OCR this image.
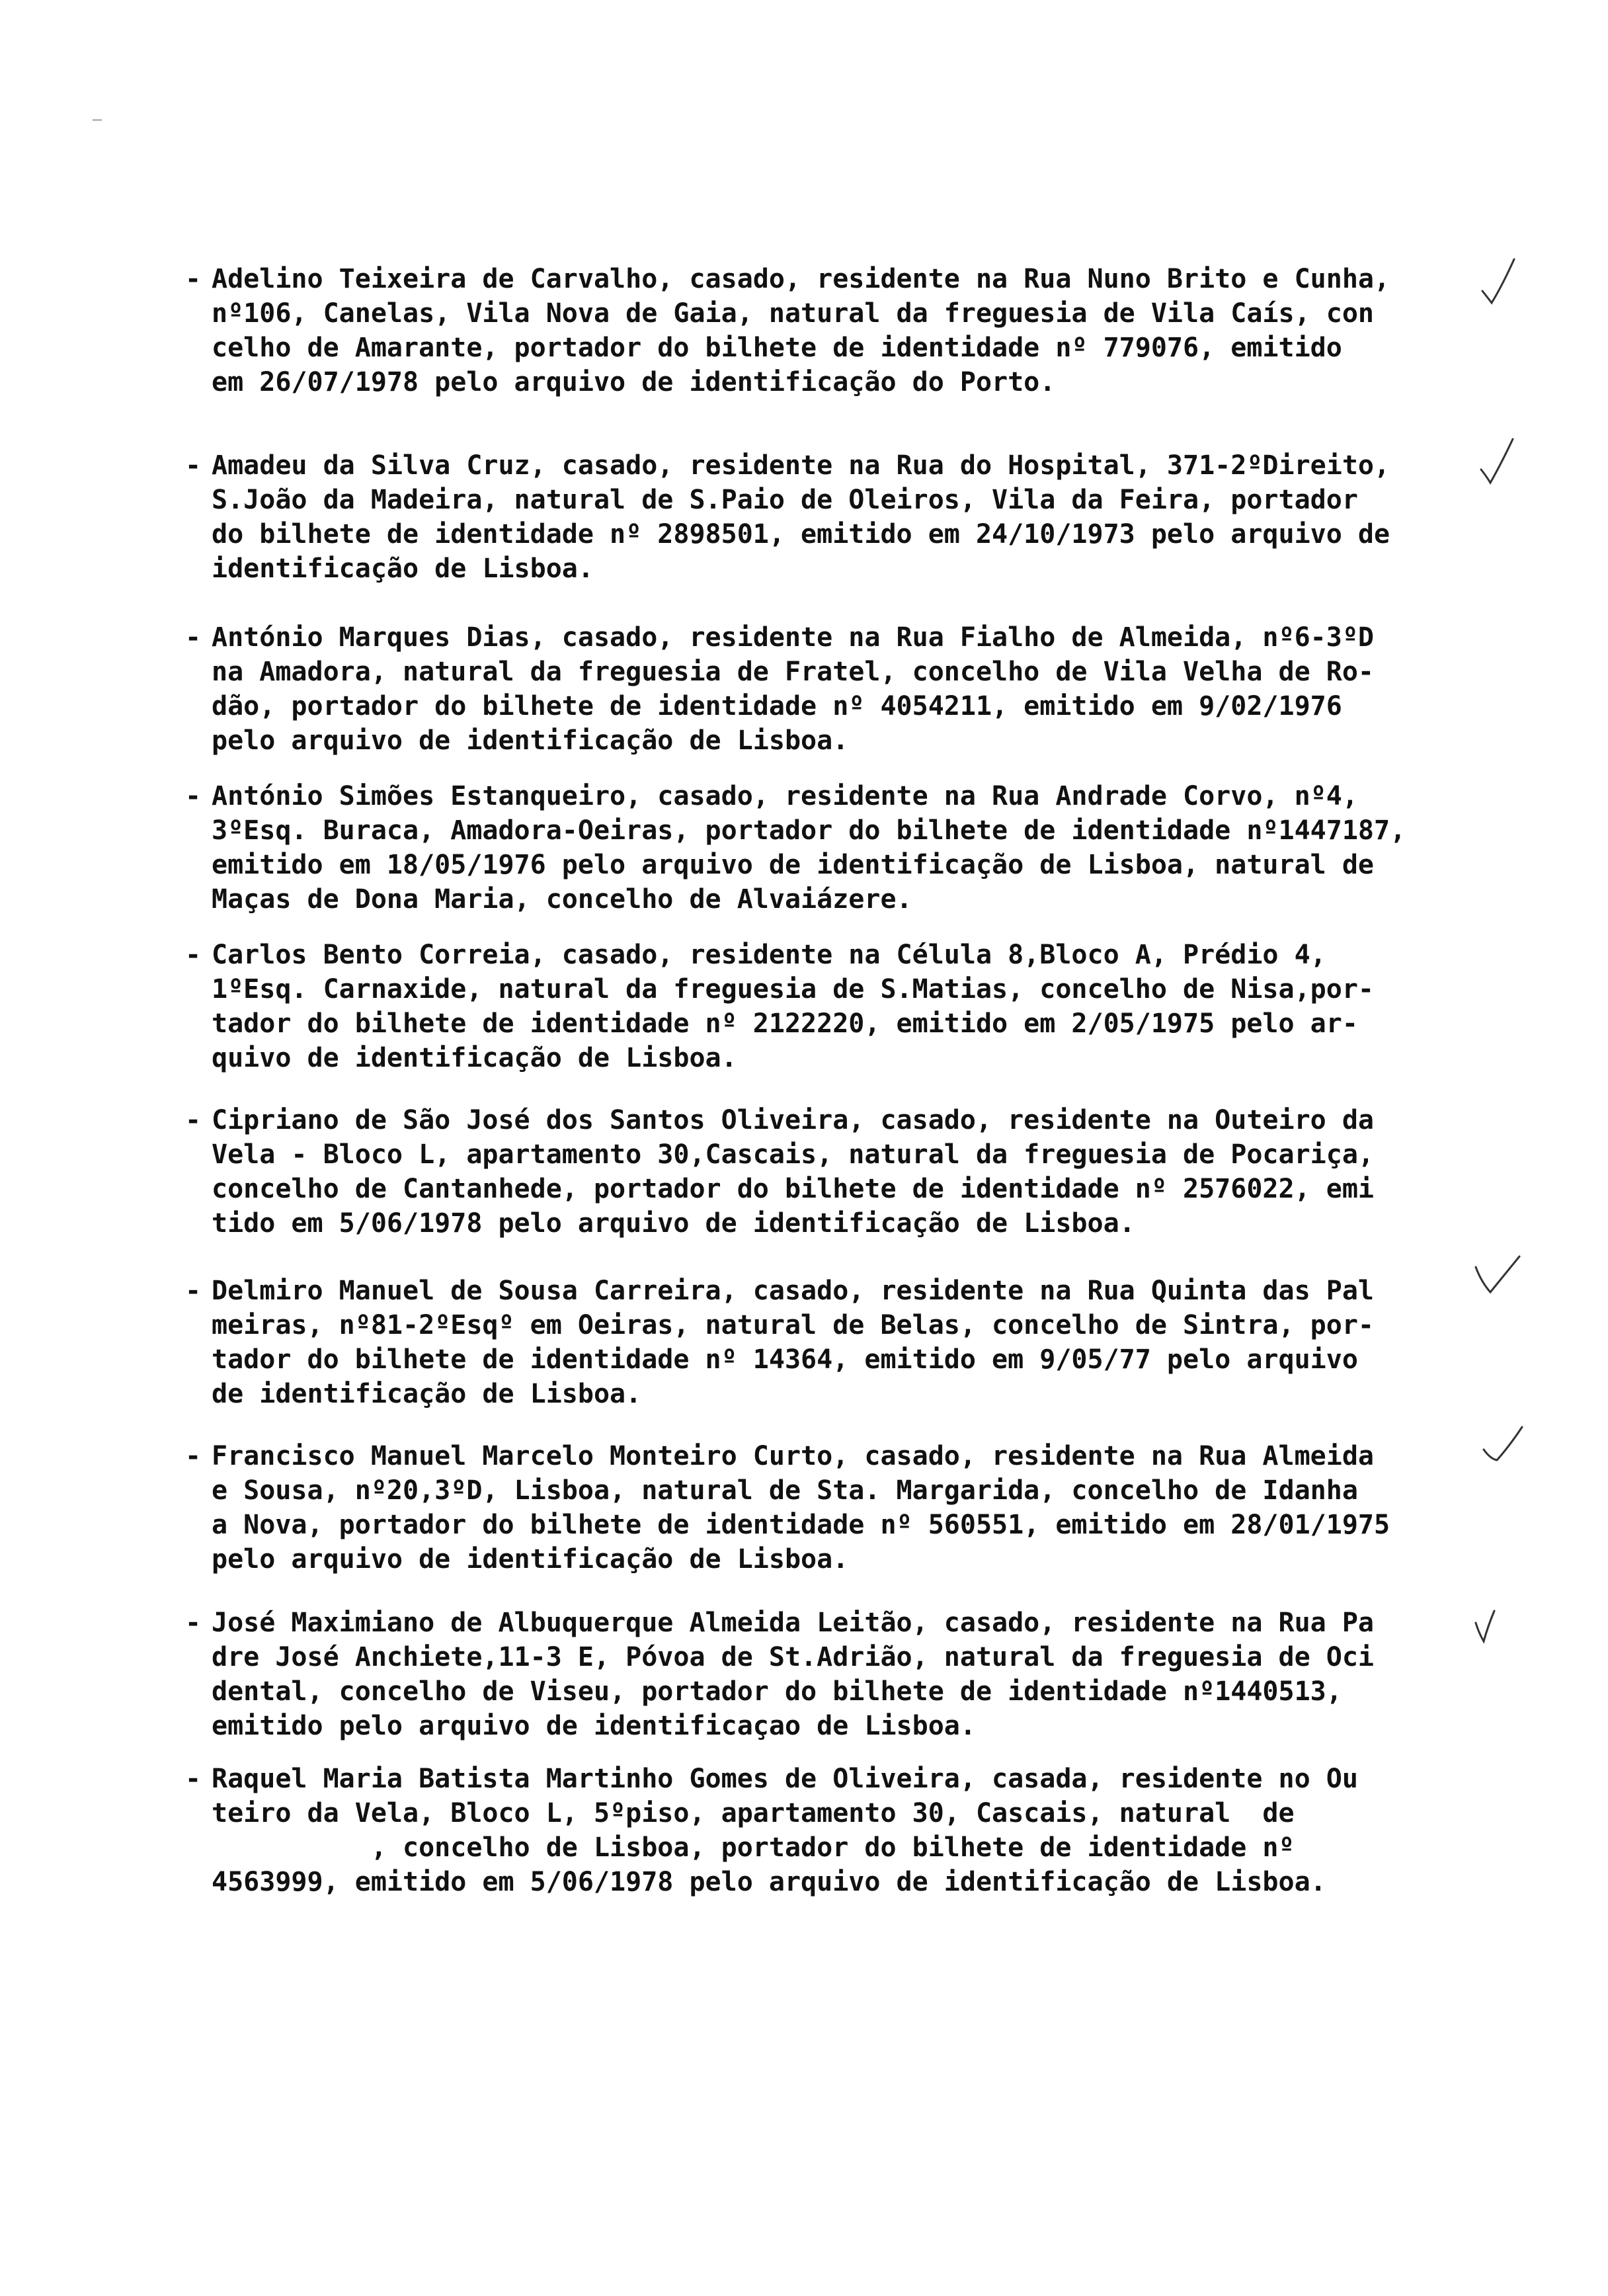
- Adelino Teixeira de Carvalho, casado, residente na Rua Nuno Brito e Cunha,
nº106, Canelas, Vila Nova de Gaia, natural da freguesia de Vila Caís, con
celho de Amarante, portador do bilhete de identidade nº 779076, emitido
em 26/07/1978 pelo arquivo de identificação do Porto.
- Amadeu da Silva Cruz, casado, residente na Rua do Hospital, 371-2ºDireito,
S.João da Madeira, natural de S.Paio de Oleiros, Vila da Feira, portador
do bilhete de identidade nº 2898501, emitido em 24/10/1973 pelo arquivo de
identificação de Lisboa.
- António Marques Dias, casado, residente na Rua Fialho de Almeida, nº6-3ºD
na Amadora, natural da freguesia de Fratel, concelho de Vila Velha de Ro-
dão, portador do bilhete de identidade nº 4054211, emitido em 9/02/1976
pelo arquivo de identificação de Lisboa.
- António Simões Estanqueiro, casado, residente na Rua Andrade Corvo, nº4,
3ºEsq. Buraca, Amadora-Oeiras, portador do bilhete de identidade nº1447187,
emitido em 18/05/1976 pelo arquivo de identificação de Lisboa, natural de
Maças de Dona Maria, concelho de Alvaiázere.
- Carlos Bento Correia, casado, residente na Célula 8,Bloco A, Prédio 4,
1ºEsq. Carnaxide, natural da freguesia de S.Matias, concelho de Nisa,por-
tador do bilhete de identidade nº 2122220, emitido em 2/05/1975 pelo ar-
quivo de identificação de Lisboa.
- Cipriano de São José dos Santos Oliveira, casado, residente na Outeiro da
Vela - Bloco L, apartamento 30,Cascais, natural da freguesia de Pocariça,
concelho de Cantanhede, portador do bilhete de identidade nº 2576022, emi
tido em 5/06/1978 pelo arquivo de identificação de Lisboa.
- Delmiro Manuel de Sousa Carreira, casado, residente na Rua Quinta das Pal
meiras, nº81-2ºEsqº em Oeiras, natural de Belas, concelho de Sintra, por-
tador do bilhete de identidade nº 14364, emitido em 9/05/77 pelo arquivo
de identificação de Lisboa.
- Francisco Manuel Marcelo Monteiro Curto, casado, residente na Rua Almeida
e Sousa, nº20,3ºD, Lisboa, natural de Sta. Margarida, concelho de Idanha
a Nova, portador do bilhete de identidade nº 560551, emitido em 28/01/1975
pelo arquivo de identificação de Lisboa.
- José Maximiano de Albuquerque Almeida Leitão, casado, residente na Rua Pa
dre José Anchiete,11-3 E, Póvoa de St.Adrião, natural da freguesia de Oci
dental, concelho de Viseu, portador do bilhete de identidade nº1440513,
emitido pelo arquivo de identificaçao de Lisboa.
- Raquel Maria Batista Martinho Gomes de Oliveira, casada, residente no Ou
teiro da Vela, Bloco L, 5ºpiso, apartamento 30, Cascais, natural  de
, concelho de Lisboa, portador do bilhete de identidade nº
4563999, emitido em 5/06/1978 pelo arquivo de identificação de Lisboa.
